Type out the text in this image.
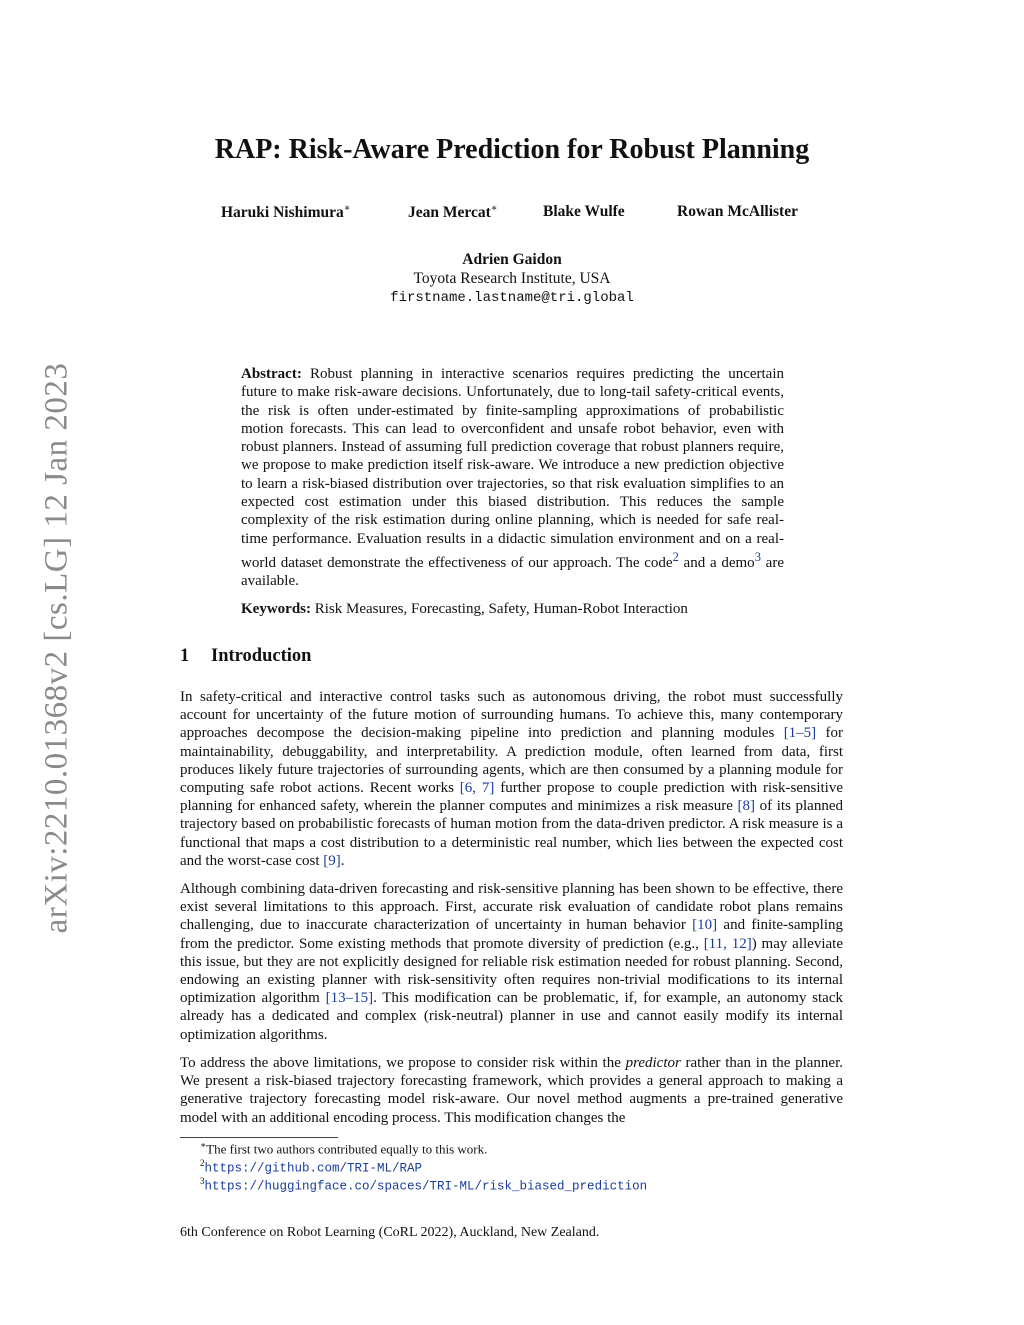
arXiv:2210.01368v2 [cs.LG] 12 Jan 2023
RAP: Risk-Aware Prediction for Robust Planning
Haruki Nishimura∗	Jean Mercat∗	Blake Wulfe	Rowan McAllister
Adrien Gaidon
Toyota Research Institute, USA
firstname.lastname@tri.global
Abstract: Robust planning in interactive scenarios requires predicting the uncertain future to make risk-aware decisions. Unfortunately, due to long-tail safety-critical events, the risk is often under-estimated by finite-sampling approximations of probabilistic motion forecasts. This can lead to overconfident and unsafe robot behavior, even with robust planners. Instead of assuming full prediction coverage that robust planners require, we propose to make prediction itself risk-aware. We introduce a new prediction objective to learn a risk-biased distribution over trajectories, so that risk evaluation simplifies to an expected cost estimation under this biased distribution. This reduces the sample complexity of the risk estimation during online planning, which is needed for safe real-time performance. Evaluation results in a didactic simulation environment and on a real-world dataset demonstrate the effectiveness of our approach. The code$^2$ and a demo$^3$ are available.
Keywords: Risk Measures, Forecasting, Safety, Human-Robot Interaction
1 Introduction

In safety-critical and interactive control tasks such as autonomous driving, the robot must successfully account for uncertainty of the future motion of surrounding humans. To achieve this, many contemporary approaches decompose the decision-making pipeline into prediction and planning modules [1–5] for maintainability, debuggability, and interpretability. A prediction module, often learned from data, first produces likely future trajectories of surrounding agents, which are then consumed by a planning module for computing safe robot actions. Recent works [6, 7] further propose to couple prediction with risk-sensitive planning for enhanced safety, wherein the planner computes and minimizes a risk measure [8] of its planned trajectory based on probabilistic forecasts of human motion from the data-driven predictor. A risk measure is a functional that maps a cost distribution to a deterministic real number, which lies between the expected cost and the worst-case cost [9].

Although combining data-driven forecasting and risk-sensitive planning has been shown to be effective, there exist several limitations to this approach. First, accurate risk evaluation of candidate robot plans remains challenging, due to inaccurate characterization of uncertainty in human behavior [10] and finite-sampling from the predictor. Some existing methods that promote diversity of prediction (e.g., [11, 12]) may alleviate this issue, but they are not explicitly designed for reliable risk estimation needed for robust planning. Second, endowing an existing planner with risk-sensitivity often requires non-trivial modifications to its internal optimization algorithm [13–15]. This modification can be problematic, if, for example, an autonomy stack already has a dedicated and complex (risk-neutral) planner in use and cannot easily modify its internal optimization algorithms.

To address the above limitations, we propose to consider risk within the predictor rather than in the planner. We present a risk-biased trajectory forecasting framework, which provides a general approach to making a generative trajectory forecasting model risk-aware. Our novel method augments a pre-trained generative model with an additional encoding process. This modification changes the

∗The first two authors contributed equally to this work.
$^2$https://github.com/TRI-ML/RAP
$^3$https://huggingface.co/spaces/TRI-ML/risk_biased_prediction
6th Conference on Robot Learning (CoRL 2022), Auckland, New Zealand.
